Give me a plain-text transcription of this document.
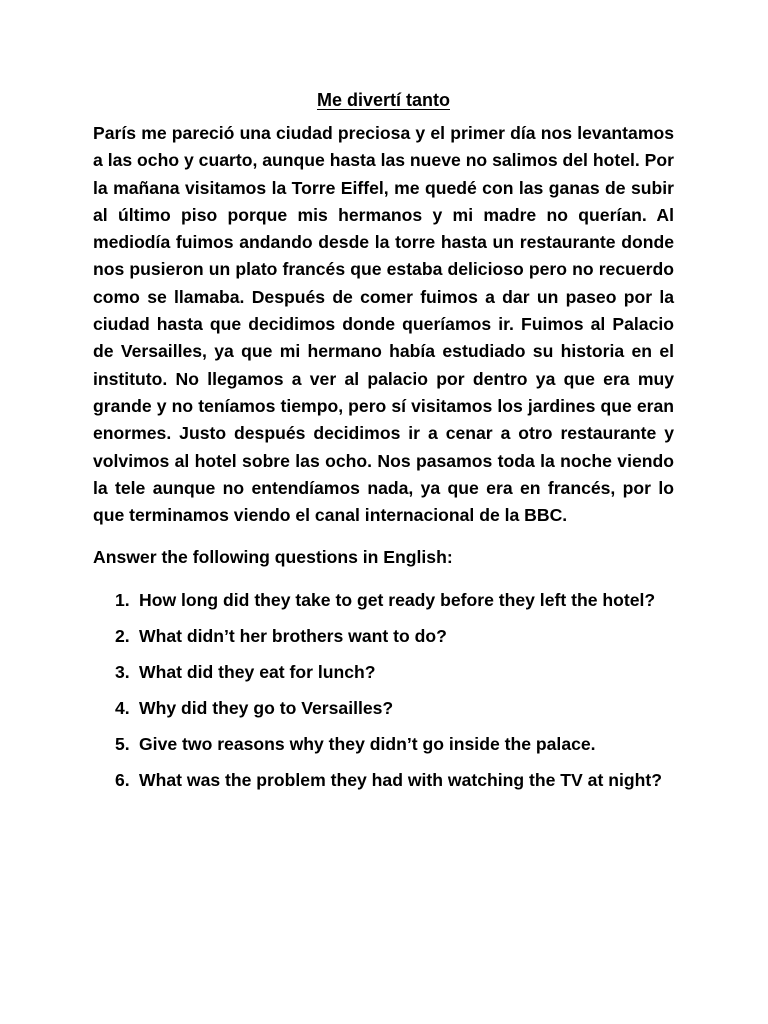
Me divertí tanto

París me pareció una ciudad preciosa y el primer día nos levantamos a las ocho y cuarto, aunque hasta las nueve no salimos del hotel. Por la mañana visitamos la Torre Eiffel, me quedé con las ganas de subir al último piso porque mis hermanos y mi madre no querían. Al mediodía fuimos andando desde la torre hasta un restaurante donde nos pusieron un plato francés que estaba delicioso pero no recuerdo como se llamaba. Después de comer fuimos a dar un paseo por la ciudad hasta que decidimos donde queríamos ir. Fuimos al Palacio de Versailles, ya que mi hermano había estudiado su historia en el instituto. No llegamos a ver al palacio por dentro ya que era muy grande y no teníamos tiempo, pero sí visitamos los jardines que eran enormes. Justo después decidimos ir a cenar a otro restaurante y volvimos al hotel sobre las ocho. Nos pasamos toda la noche viendo la tele aunque no entendíamos nada, ya que era en francés, por lo que terminamos viendo el canal internacional de la BBC.

Answer the following questions in English:

1. How long did they take to get ready before they left the hotel?
2. What didn’t her brothers want to do?
3. What did they eat for lunch?
4. Why did they go to Versailles?
5. Give two reasons why they didn’t go inside the palace.
6. What was the problem they had with watching the TV at night?
